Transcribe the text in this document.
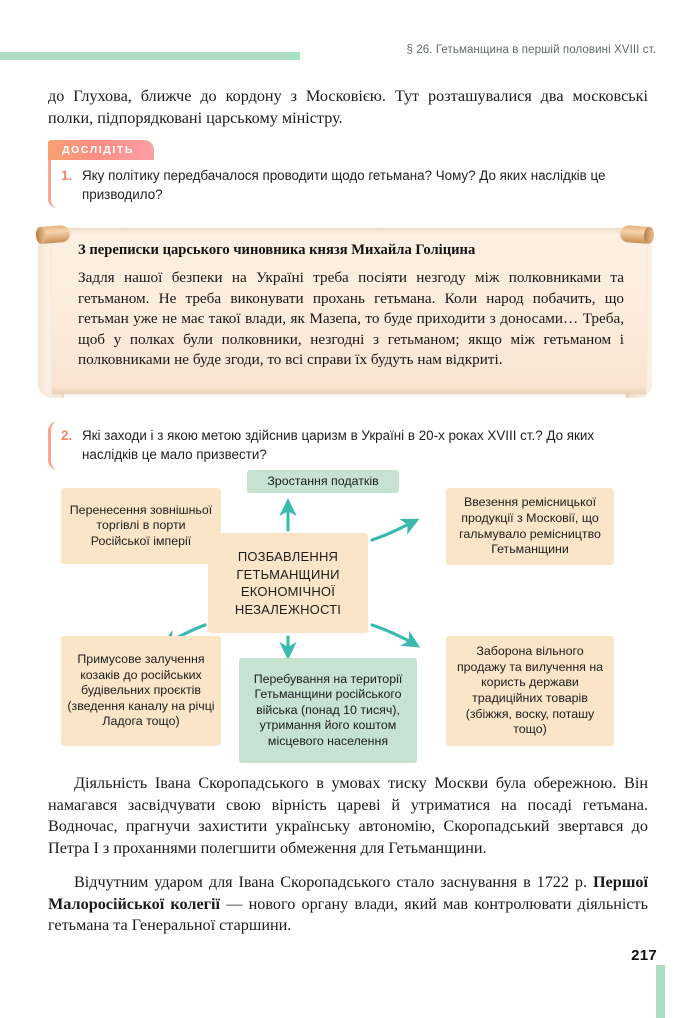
§ 26. Гетьманщина в першій половині XVIII ст.
до Глухова, ближче до кордону з Московією. Тут розташувалися два московські полки, підпорядковані царському міністру.
ДОСЛІДІТЬ
1. Яку політику передбачалося проводити щодо гетьмана? Чому? До яких наслідків це призводило?
З переписки царського чиновника князя Михайла Голіцина
Задля нашої безпеки на Україні треба посіяти незгоду між полковниками та гетьманом. Не треба виконувати прохань гетьмана. Коли народ побачить, що гетьман уже не має такої влади, як Мазепа, то буде приходити з доносами… Треба, щоб у полках були полковники, незгодні з гетьманом; якщо між гетьманом і полковниками не буде згоди, то всі справи їх будуть нам відкриті.
2. Які заходи і з якою метою здійснив царизм в Україні в 20-х роках XVIII ст.? До яких наслідків це мало призвести?
Зростання податків
Перенесення зовнішньої торгівлі в порти Російської імперії
Примусове залучення козаків до російських будівельних проєктів (зведення каналу на річці Ладога тощо)
ПОЗБАВЛЕННЯ ГЕТЬМАНЩИНИ ЕКОНОМІЧНОЇ НЕЗАЛЕЖНОСТІ
Ввезення ремісницької продукції з Московії, що гальмувало ремісництво Гетьманщини
Заборона вільного продажу та вилучення на користь держави традиційних товарів (збіжжя, воску, поташу тощо)
Перебування на території Гетьманщини російського війська (понад 10 тисяч), утримання його коштом місцевого населення
Діяльність Івана Скоропадського в умовах тиску Москви була обережною. Він намагався засвідчувати свою вірність цареві й утриматися на посаді гетьмана. Водночас, прагнучи захистити українську автономію, Скоропадський звертався до Петра I з проханнями полегшити обмеження для Гетьманщини.
Відчутним ударом для Івана Скоропадського стало заснування в 1722 р. Першої Малоросійської колегії — нового органу влади, який мав контролювати діяльність гетьмана та Генеральної старшини.
217
